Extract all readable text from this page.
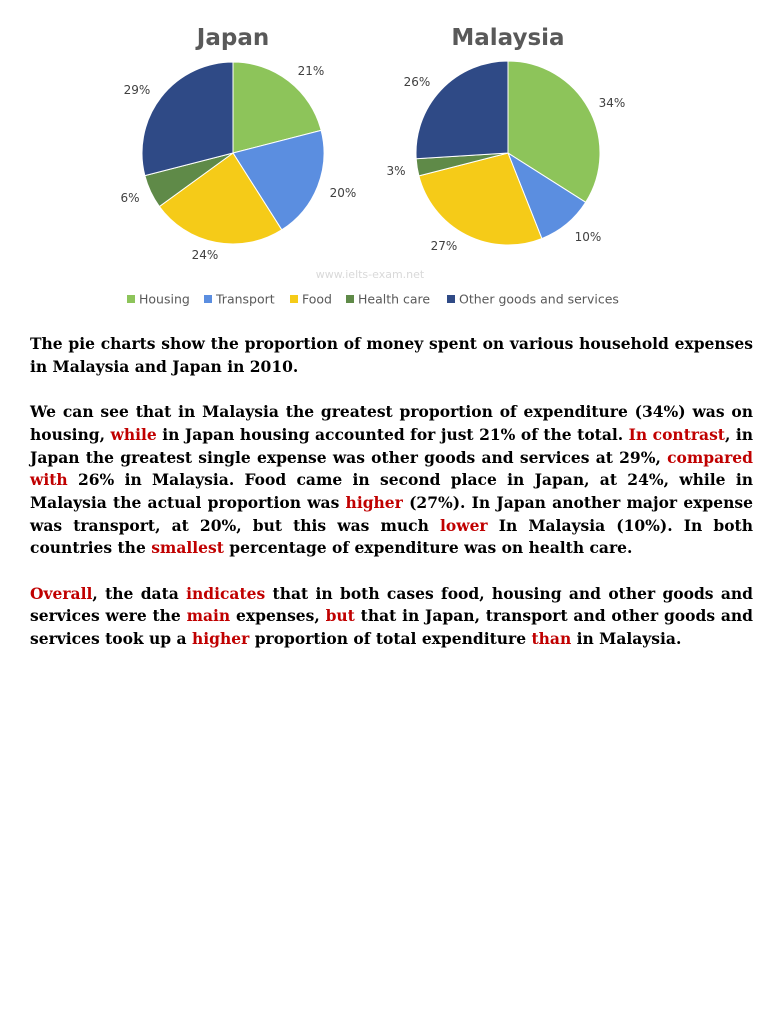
Japan
21%
20%
24%
6%
29%
Malaysia
34%
10%
27%
3%
26%
www.ielts-exam.net
Housing Transport Food Health care Other goods and services

The pie charts show the proportion of money spent on various household expenses in Malaysia and Japan in 2010.

We can see that in Malaysia the greatest proportion of expenditure (34%) was on housing, while in Japan housing accounted for just 21% of the total. In contrast, in Japan the greatest single expense was other goods and services at 29%, compared with 26% in Malaysia. Food came in second place in Japan, at 24%, while in Malaysia the actual proportion was higher (27%). In Japan another major expense was transport, at 20%, but this was much lower In Malaysia (10%). In both countries the smallest percentage of expenditure was on health care.

Overall, the data indicates that in both cases food, housing and other goods and services were the main expenses, but that in Japan, transport and other goods and services took up a higher proportion of total expenditure than in Malaysia.
